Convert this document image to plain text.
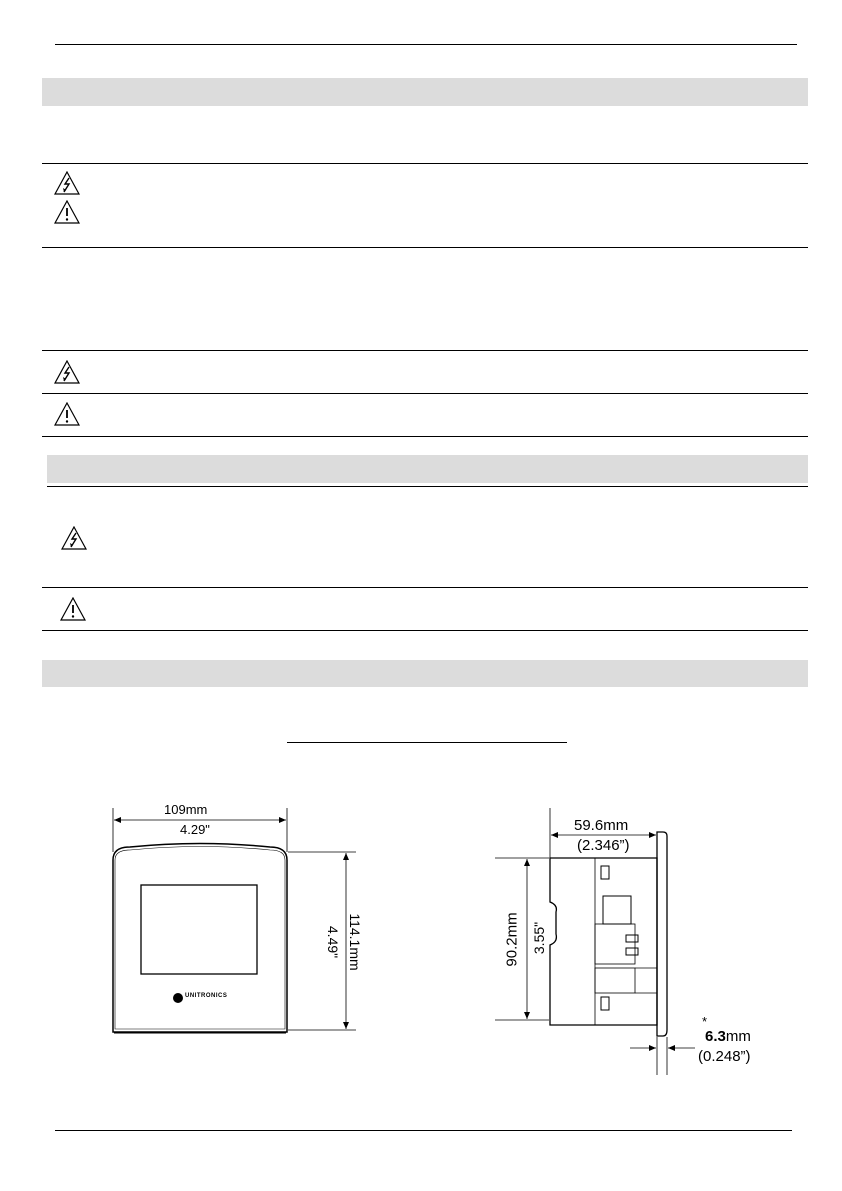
109mm
4.29"
UNITRONICS
114.1mm
4.49"
59.6mm
(2.346”)
90.2mm 3.55"
*
6.3mm
(0.248”)
